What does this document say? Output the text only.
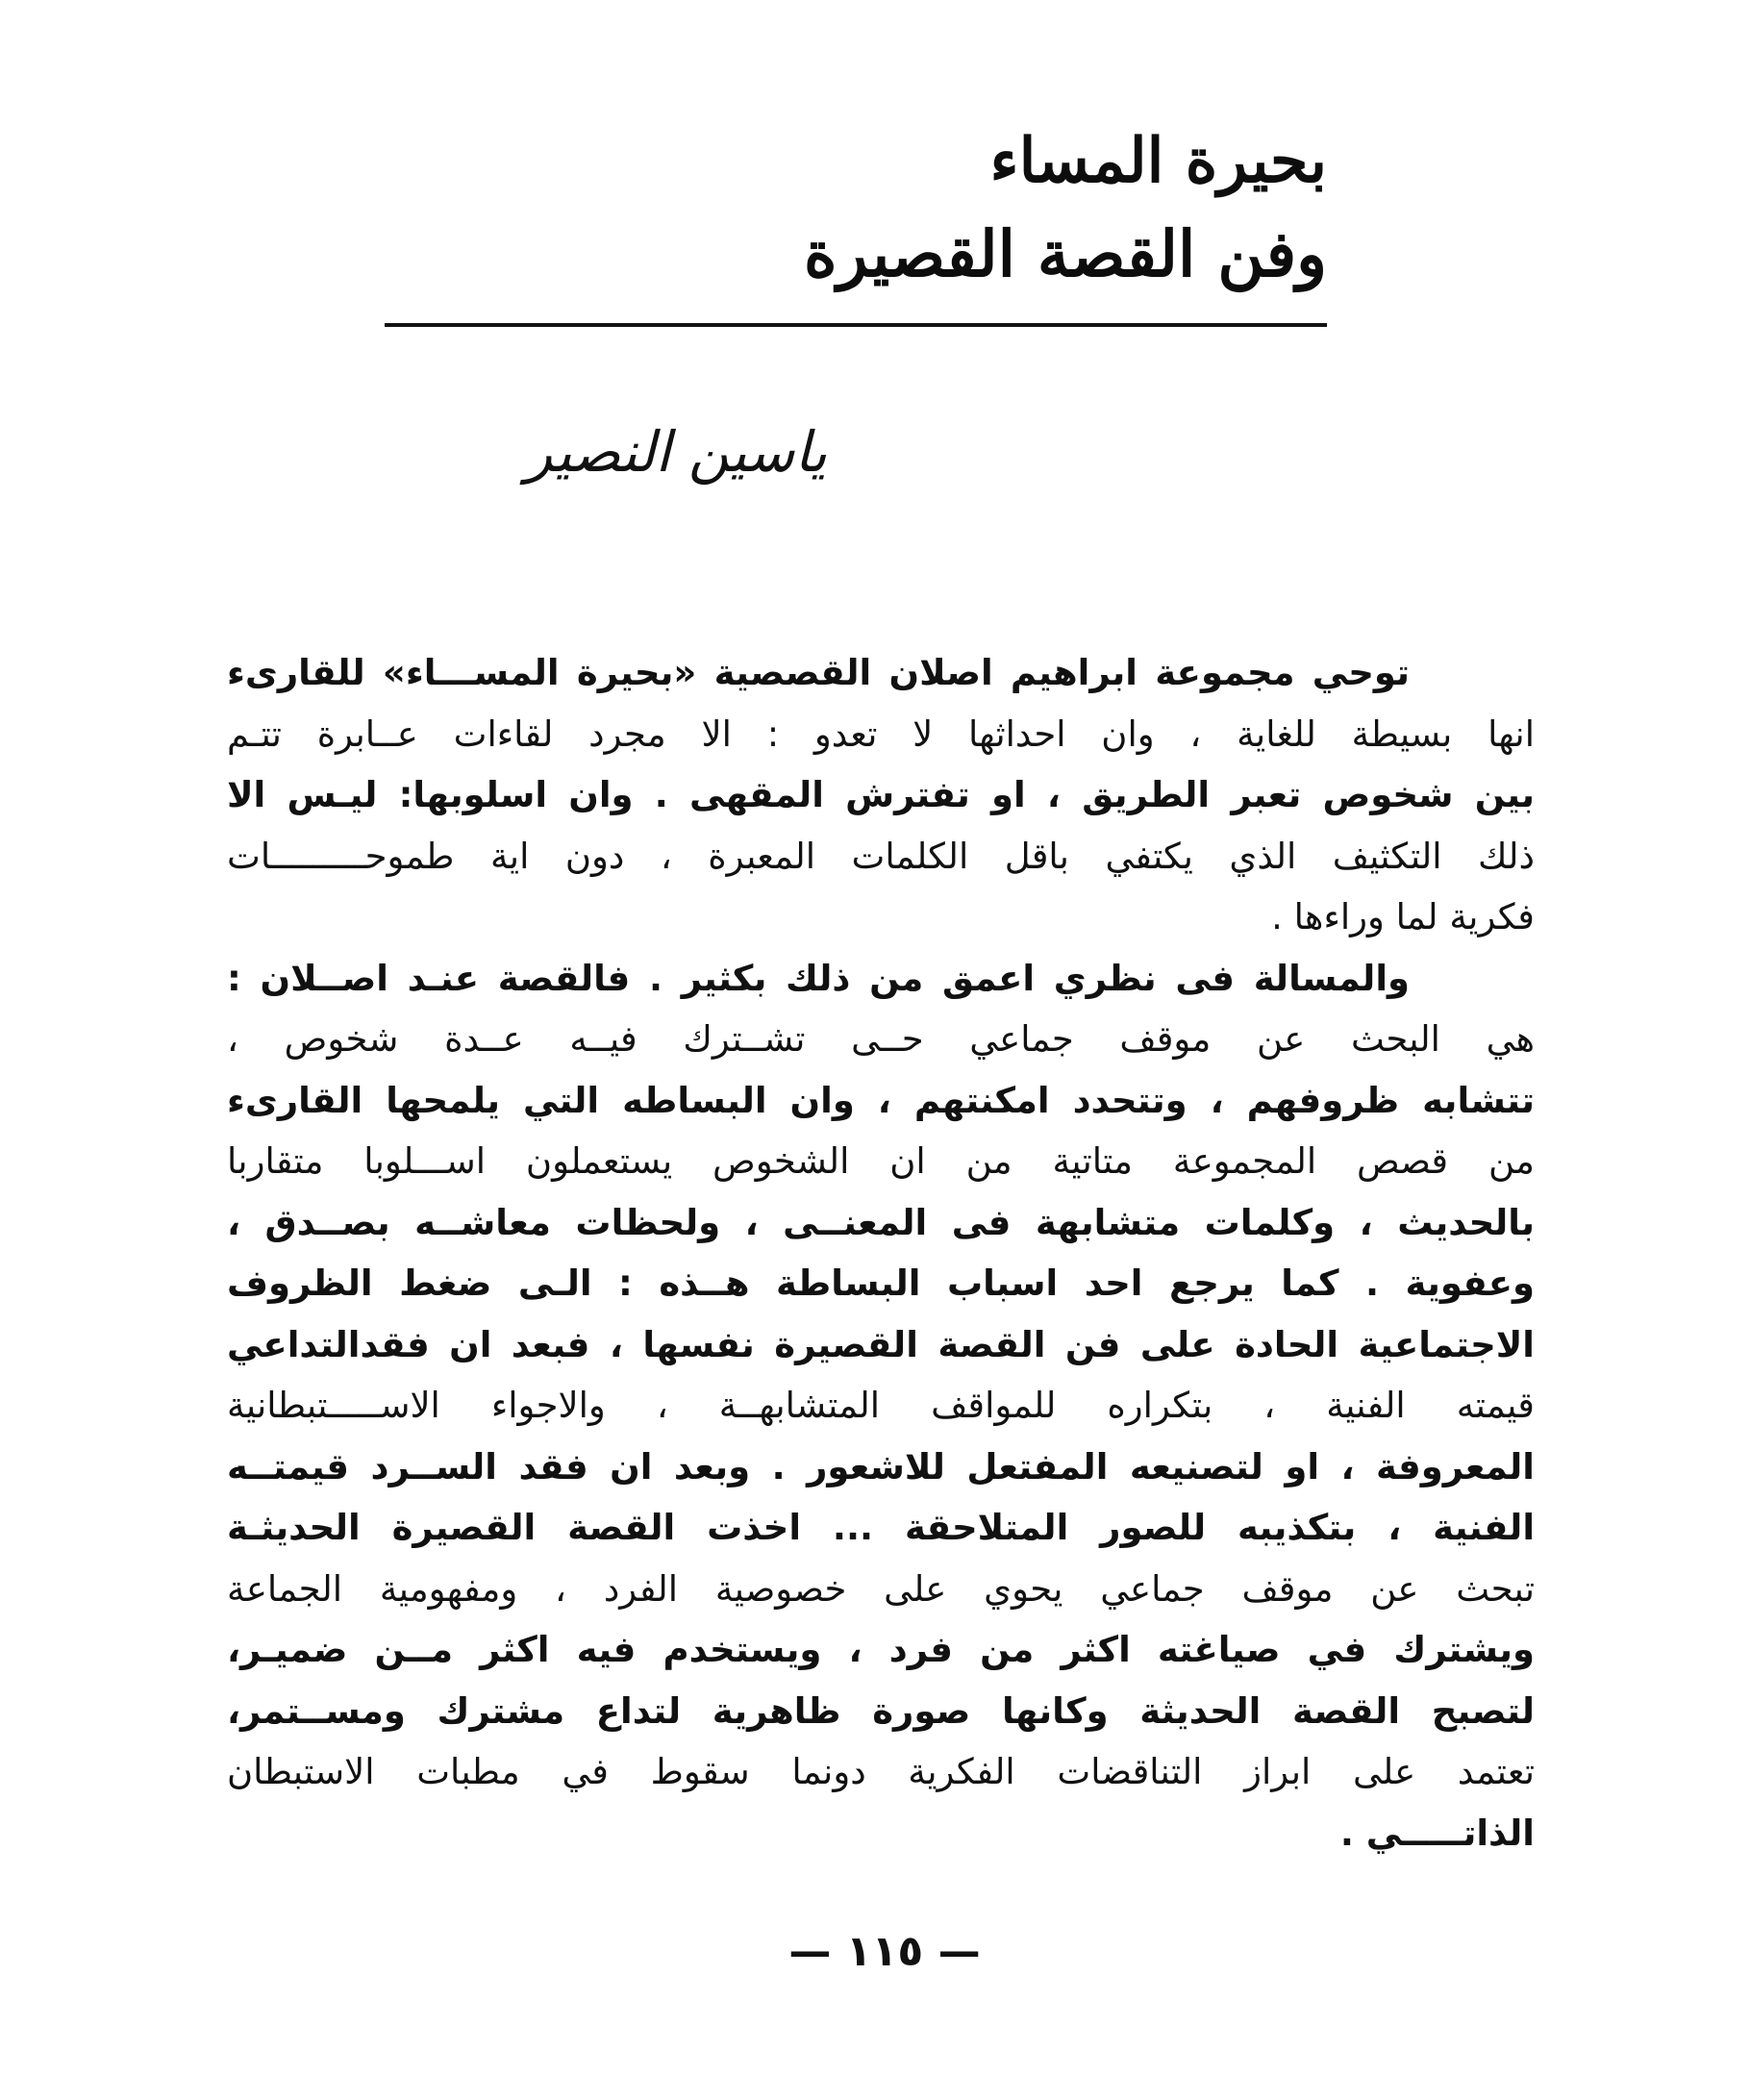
بحيرة المساء
وفن القصة القصيرة
ياسين النصير
توحي مجموعة ابراهيم اصلان القصصية «بحيرة المســـاء» للقارىء
انها بسيطة للغاية ، وان احداثها لا تعدو : الا مجرد لقاءات عــابرة تتـم
بين شخوص تعبر الطريق ، او تفترش المقهى . وان اسلوبها: ليـس الا
ذلك التكثيف الذي يكتفي باقل الكلمات المعبرة ، دون اية طموحـــــــــات
فكرية لما وراءها .
والمسالة فى نظري اعمق من ذلك بكثير . فالقصة عنـد اصــلان :
هي البحث عن موقف جماعي حــى تشــترك فيــه عــدة شخوص ،
تتشابه ظروفهم ، وتتحدد امكنتهم ، وان البساطه التي يلمحها القارىء
من قصص المجموعة متاتية من ان الشخوص يستعملون اســـلوبا متقاربا
بالحديث ، وكلمات متشابهة فى المعنــى ، ولحظات معاشــه بصــدق ،
وعفوية . كما يرجع احد اسباب البساطة هــذه : الـى ضغط الظروف
الاجتماعية الحادة على فن القصة القصيرة نفسها ، فبعد ان فقدالتداعي
قيمته الفنية ، بتكراره للمواقف المتشابهــة ، والاجواء الاســـــتبطانية
المعروفة ، او لتصنيعه المفتعل للاشعور . وبعد ان فقد الســرد قيمتــه
الفنية ، بتكذيبه للصور المتلاحقة ... اخذت القصة القصيرة الحديثـة
تبحث عن موقف جماعي يحوي على خصوصية الفرد ، ومفهومية الجماعة
ويشترك في صياغته اكثر من فرد ، ويستخدم فيه اكثر مــن ضميـر،
لتصبح القصة الحديثة وكانها صورة ظاهرية لتداع مشترك ومســتمر،
تعتمد على ابراز التناقضات الفكرية دونما سقوط في مطبات الاستبطان
الذاتـــــي .
— ١١٥ —
